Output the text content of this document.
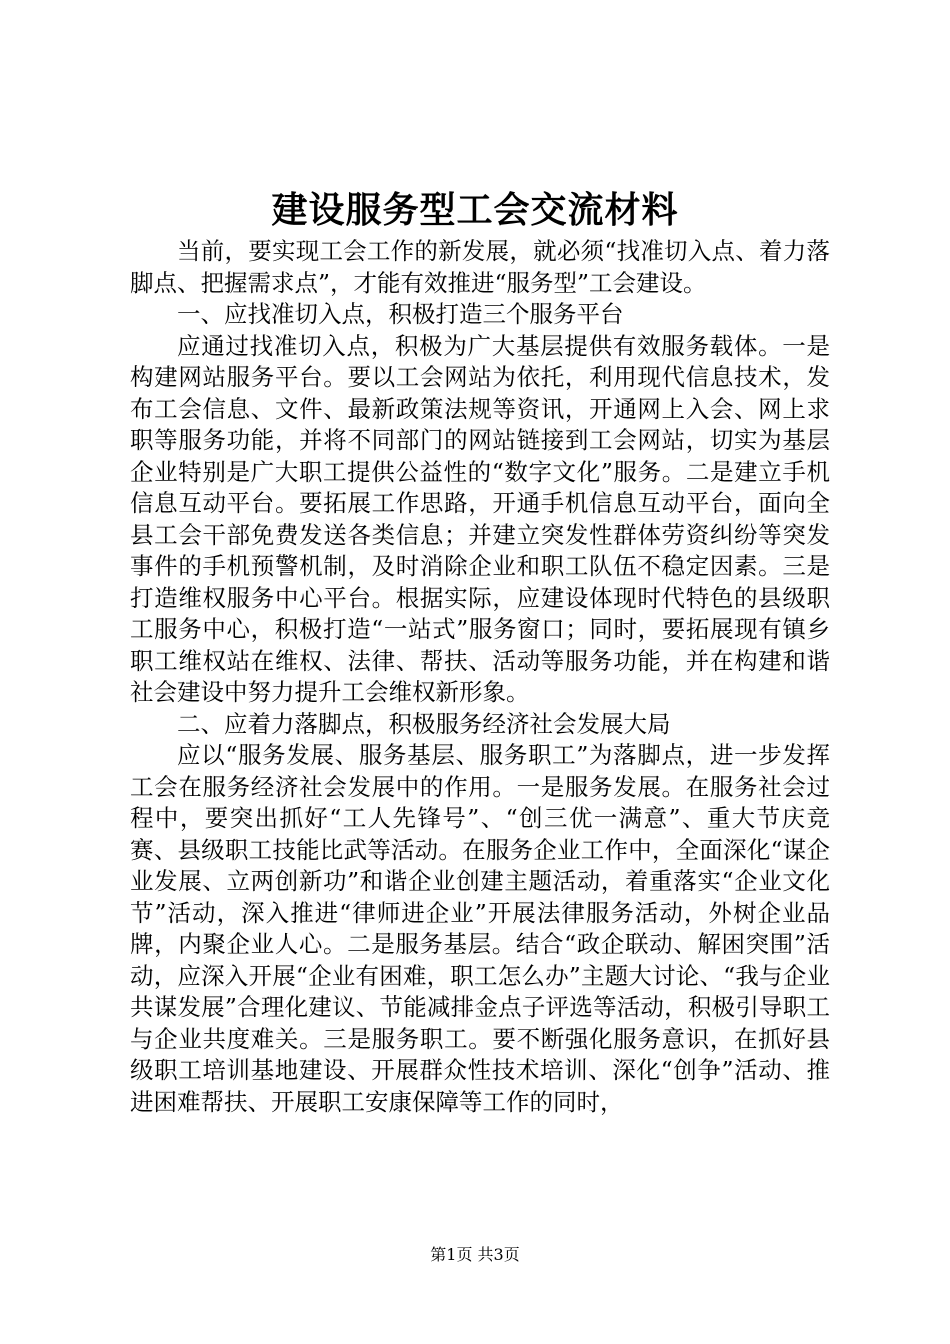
建设服务型工会交流材料

当前，要实现工会工作的新发展，就必须“找准切入点、着力落脚点、把握需求点”，才能有效推进“服务型”工会建设。

一、应找准切入点，积极打造三个服务平台

应通过找准切入点，积极为广大基层提供有效服务载体。一是构建网站服务平台。要以工会网站为依托，利用现代信息技术，发布工会信息、文件、最新政策法规等资讯，开通网上入会、网上求职等服务功能，并将不同部门的网站链接到工会网站，切实为基层企业特别是广大职工提供公益性的“数字文化”服务。二是建立手机信息互动平台。要拓展工作思路，开通手机信息互动平台，面向全县工会干部免费发送各类信息；并建立突发性群体劳资纠纷等突发事件的手机预警机制，及时消除企业和职工队伍不稳定因素。三是打造维权服务中心平台。根据实际，应建设体现时代特色的县级职工服务中心，积极打造“一站式”服务窗口；同时，要拓展现有镇乡职工维权站在维权、法律、帮扶、活动等服务功能，并在构建和谐社会建设中努力提升工会维权新形象。

二、应着力落脚点，积极服务经济社会发展大局

应以“服务发展、服务基层、服务职工”为落脚点，进一步发挥工会在服务经济社会发展中的作用。一是服务发展。在服务社会过程中，要突出抓好“工人先锋号”、“创三优一满意”、重大节庆竞赛、县级职工技能比武等活动。在服务企业工作中，全面深化“谋企业发展、立两创新功”和谐企业创建主题活动，着重落实“企业文化节”活动，深入推进“律师进企业”开展法律服务活动，外树企业品牌，内聚企业人心。二是服务基层。结合“政企联动、解困突围”活动，应深入开展“企业有困难，职工怎么办”主题大讨论、“我与企业共谋发展”合理化建议、节能减排金点子评选等活动，积极引导职工与企业共度难关。三是服务职工。要不断强化服务意识，在抓好县级职工培训基地建设、开展群众性技术培训、深化“创争”活动、推进困难帮扶、开展职工安康保障等工作的同时，

第1页 共3页
